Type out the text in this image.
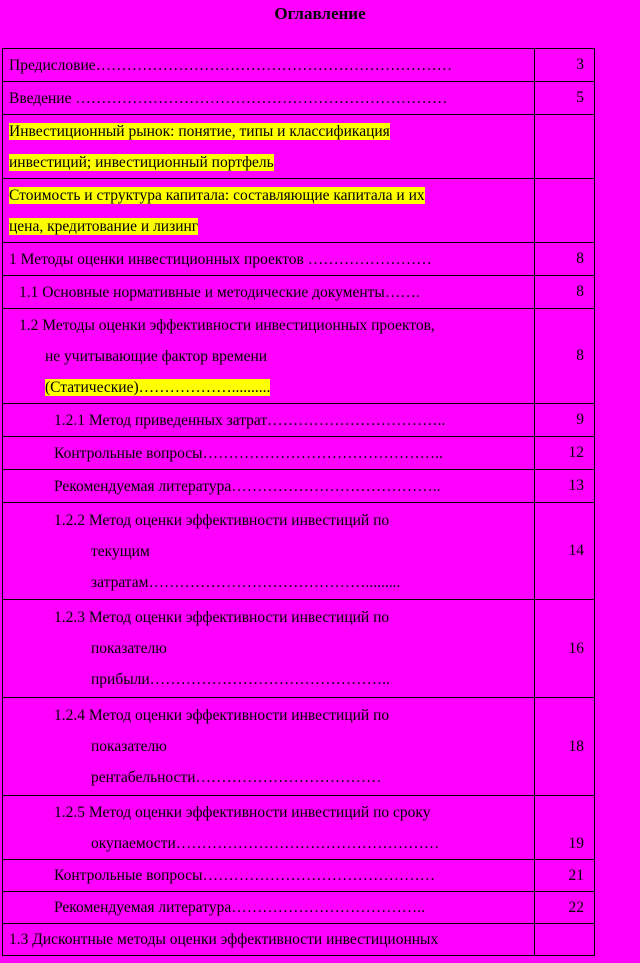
Оглавление
Предисловие……………………………………………………………	3

Введение ………………………………………………………………	5

Инвестиционный рынок: понятие, типы и классификация
инвестиций; инвестиционный портфель	

Стоимость и структура капитала: составляющие капитала и их
цена, кредитование и лизинг	

1 Методы оценки инвестиционных проектов ……………………	8

1.1 Основные нормативные и методические документы…….	8

1.2 Методы оценки эффективности инвестиционных проектов,
не учитывающие фактор времени
(Статические)………………..........	8

1.2.1 Метод приведенных затрат……………………………..	9

Контрольные вопросы………………………………………..	12

Рекомендуемая литература…………………………………..	13

1.2.2 Метод оценки эффективности инвестиций по
текущим
затратам…………………………………….........	14

1.2.3 Метод оценки эффективности инвестиций по
показателю
прибыли………………………………………..	16

1.2.4 Метод оценки эффективности инвестиций по
показателю
рентабельности………………………………	18

1.2.5 Метод оценки эффективности инвестиций по сроку
окупаемости……………………………………………	19

Контрольные вопросы………………………………………	21

Рекомендуемая литература………………………………..	22

1.3 Дисконтные методы оценки эффективности инвестиционных	
